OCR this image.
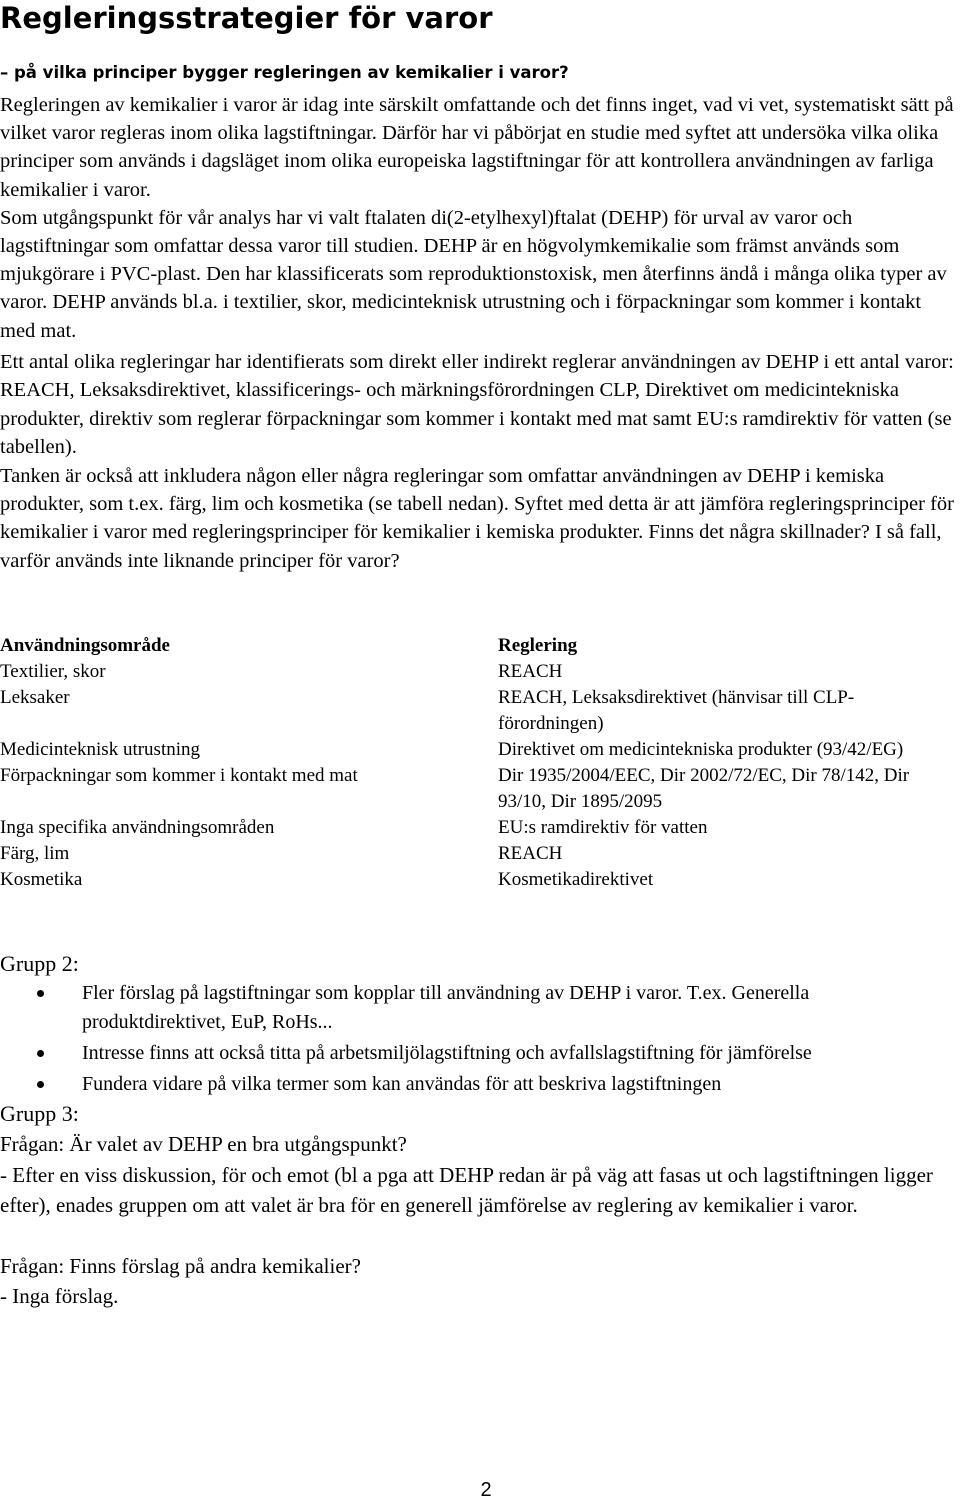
Regleringsstrategier för varor
– på vilka principer bygger regleringen av kemikalier i varor?

Regleringen av kemikalier i varor är idag inte särskilt omfattande och det finns inget, vad vi vet, systematiskt sätt på vilket varor regleras inom olika lagstiftningar. Därför har vi påbörjat en studie med syftet att undersöka vilka olika principer som används i dagsläget inom olika europeiska lagstiftningar för att kontrollera användningen av farliga kemikalier i varor.

Som utgångspunkt för vår analys har vi valt ftalaten di(2-etylhexyl)ftalat (DEHP) för urval av varor och lagstiftningar som omfattar dessa varor till studien. DEHP är en högvolymkemikalie som främst används som mjukgörare i PVC-plast. Den har klassificerats som reproduktionstoxisk, men återfinns ändå i många olika typer av varor. DEHP används bl.a. i textilier, skor, medicinteknisk utrustning och i förpackningar som kommer i kontakt med mat.

Ett antal olika regleringar har identifierats som direkt eller indirekt reglerar användningen av DEHP i ett antal varor: REACH, Leksaksdirektivet, klassificerings- och märkningsförordningen CLP, Direktivet om medicintekniska produkter, direktiv som reglerar förpackningar som kommer i kontakt med mat samt EU:s ramdirektiv för vatten (se tabellen).

Tanken är också att inkludera någon eller några regleringar som omfattar användningen av DEHP i kemiska produkter, som t.ex. färg, lim och kosmetika (se tabell nedan). Syftet med detta är att jämföra regleringsprinciper för kemikalier i varor med regleringsprinciper för kemikalier i kemiska produkter. Finns det några skillnader? I så fall, varför används inte liknande principer för varor?

Användningsområde	Reglering
Textilier, skor	REACH
Leksaker	REACH, Leksaksdirektivet (hänvisar till CLP-förordningen)
Medicinteknisk utrustning	Direktivet om medicintekniska produkter (93/42/EG)
Förpackningar som kommer i kontakt med mat	Dir 1935/2004/EEC, Dir 2002/72/EC, Dir 78/142, Dir 93/10, Dir 1895/2095
Inga specifika användningsområden	EU:s ramdirektiv för vatten
Färg, lim	REACH
Kosmetika	Kosmetikadirektivet

Grupp 2:

Fler förslag på lagstiftningar som kopplar till användning av DEHP i varor. T.ex. Generella produktdirektivet, EuP, RoHs...
Intresse finns att också titta på arbetsmiljölagstiftning och avfallslagstiftning för jämförelse
Fundera vidare på vilka termer som kan användas för att beskriva lagstiftningen

Grupp 3:

Frågan: Är valet av DEHP en bra utgångspunkt?

- Efter en viss diskussion, för och emot (bl a pga att DEHP redan är på väg att fasas ut och lagstiftningen ligger efter), enades gruppen om att valet är bra för en generell jämförelse av reglering av kemikalier i varor.

Frågan: Finns förslag på andra kemikalier?

- Inga förslag.

2
